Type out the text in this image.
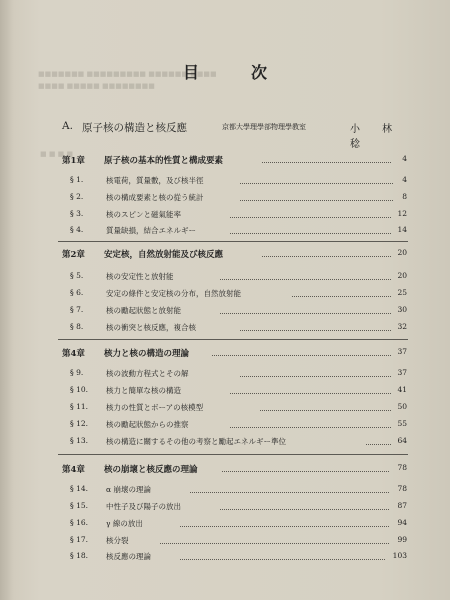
■■■■■■■ ■■■■■■■■■ ■■■■■■ ■■■■
■■■■ ■■■■■ ■■■■■■■■
■ ■ ■ ■
目　次
A. 原子核の構造と核反應	京都大學理學部物理學教室	小　林　稔
第1章 原子核の基本的性質と構成要素	4
§ 1.	核電荷，質量數，及び核半徑	4
§ 2.	核の構成要素と核の從う統計	8
§ 3.	核のスピンと磁氣能率	12
§ 4.	質量缺損，結合エネルギー	14
第2章 安定核，自然放射能及び核反應	20
§ 5.	核の安定性と放射能	20
§ 6.	安定の條件と安定核の分布，自然放射能	25
§ 7.	核の勵起狀態と放射能	30
§ 8.	核の衝突と核反應，複合核	32
第4章 核力と核の構造の理論	37
§ 9.	核の波動方程式とその解	37
§ 10. 核力と簡單な核の構造	41
§ 11. 核力の性質とボーアの核模型	50
§ 12. 核の勵起狀態からの推察	55
§ 13. 核の構造に關するその他の考察と勵起エネルギー準位	64
第4章 核の崩壞と核反應の理論	78
§ 14. α 崩壞の理論	78
§ 15. 中性子及び陽子の放出	87
§ 16. γ 線の放出	94
§ 17. 核分裂	99
§ 18. 核反應の理論	103
